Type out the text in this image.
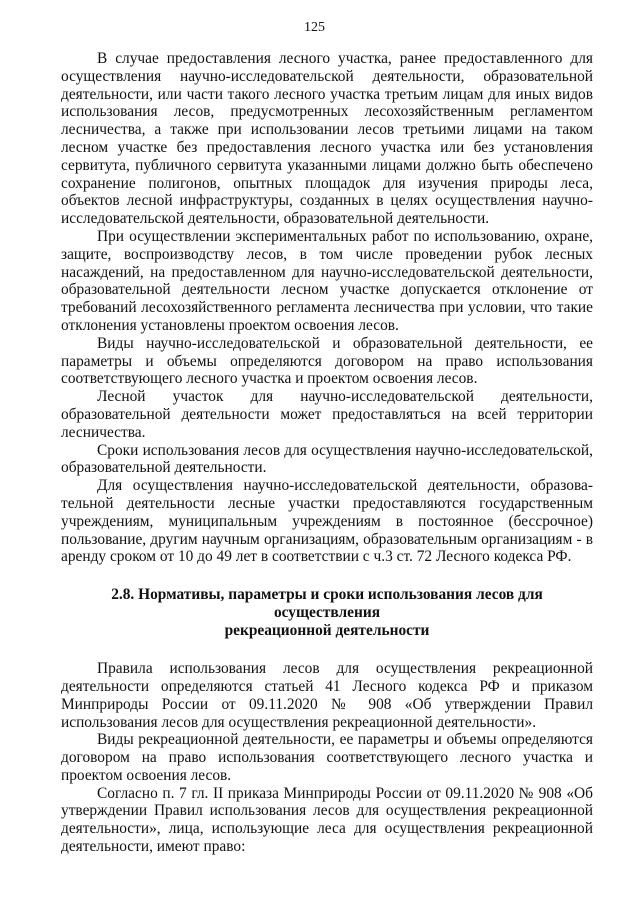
125

В случае предоставления лесного участка, ранее предоставленного для осуществления научно-исследовательской деятельности, образовательной деятельности, или части такого лесного участка третьим лицам для иных видов использования лесов, предусмотренных лесохозяйственным регламентом лесничества, а также при использовании лесов третьими лицами на таком лесном участке без предоставления лесного участка или без установления сервитута, публичного сервитута указанными лицами должно быть обеспечено сохранение полигонов, опытных площадок для изучения природы леса, объектов лесной инфраструктуры, созданных в целях осуществления научно-исследовательской деятельности, образовательной деятельности.

При осуществлении экспериментальных работ по использованию, охране, защите, воспроизводству лесов, в том числе проведении рубок лесных насаждений, на предоставленном для научно-исследовательской деятельности, образовательной деятельности лесном участке допускается отклонение от требований лесохозяйственного регламента лесничества при условии, что такие отклонения установлены проектом освоения лесов.

Виды научно-исследовательской и образовательной деятельности, ее параметры и объемы определяются договором на право использования соответствующего лесного участка и проектом освоения лесов.

Лесной участок для научно-исследовательской деятельности, образовательной деятельности может предоставляться на всей территории лесничества.

Сроки использования лесов для осуществления научно-исследовательской, образовательной деятельности.

Для осуществления научно-исследовательской деятельности, образова-тельной деятельности лесные участки предоставляются государственным учреждениям, муниципальным учреждениям в постоянное (бессрочное) пользование, другим научным организациям, образовательным организациям - в аренду сроком от 10 до 49 лет в соответствии с ч.3 ст. 72 Лесного кодекса РФ.

2.8. Нормативы, параметры и сроки использования лесов для осуществления
рекреационной деятельности

Правила использования лесов для осуществления рекреационной деятельности определяются статьей 41 Лесного кодекса РФ и приказом Минприроды России от 09.11.2020 № 908 «Об утверждении Правил использования лесов для осуществления рекреационной деятельности».

Виды рекреационной деятельности, ее параметры и объемы определяются договором на право использования соответствующего лесного участка и проектом освоения лесов.

Согласно п. 7 гл. II приказа Минприроды России от 09.11.2020 № 908 «Об утверждении Правил использования лесов для осуществления рекреационной деятельности», лица, использующие леса для осуществления рекреационной деятельности, имеют право:
